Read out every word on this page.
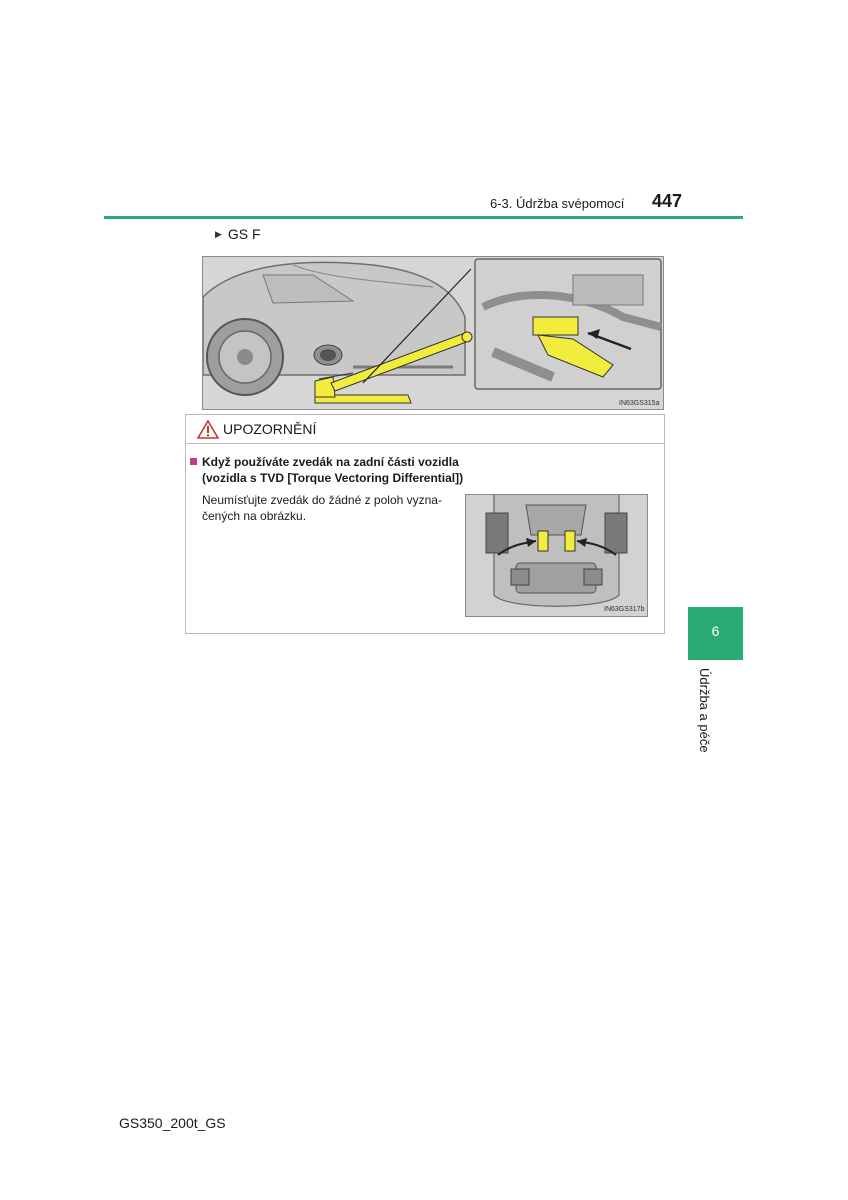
6-3. Údržba svépomocí 447
▶ GS F
IN63GS315a
UPOZORNĚNÍ
Když používáte zvedák na zadní části vozidla
(vozidla s TVD [Torque Vectoring Differential])
Neumísťujte zvedák do žádné z poloh vyzna-
čených na obrázku.
IN63GS317b
6
Údržba a péče
GS350_200t_GS
